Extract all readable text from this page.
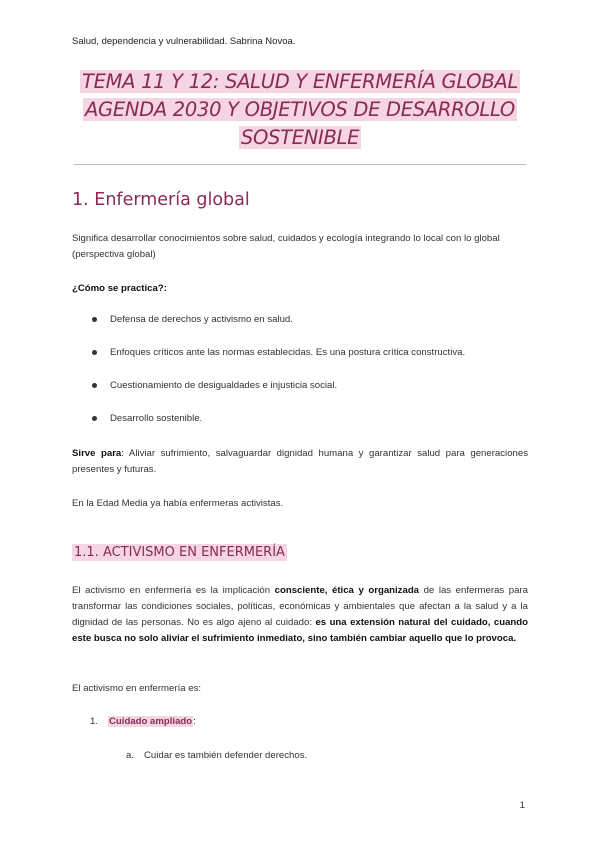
Salud, dependencia y vulnerabilidad. Sabrina Novoa.
TEMA 11 Y 12: SALUD Y ENFERMERÍA GLOBAL
AGENDA 2030 Y OBJETIVOS DE DESARROLLO
SOSTENIBLE
1. Enfermería global
Significa desarrollar conocimientos sobre salud, cuidados y ecología integrando lo local con lo global (perspectiva global)
¿Cómo se practica?:
Defensa de derechos y activismo en salud.
Enfoques críticos ante las normas establecidas. Es una postura crítica constructiva.
Cuestionamiento de desigualdades e injusticia social.
Desarrollo sostenible.
Sirve para: Aliviar sufrimiento, salvaguardar dignidad humana y garantizar salud para generaciones presentes y futuras.
En la Edad Media ya había enfermeras activistas.
1.1. ACTIVISMO EN ENFERMERÍA
El activismo en enfermería es la implicación consciente, ética y organizada de las enfermeras para transformar las condiciones sociales, políticas, económicas y ambientales que afectan a la salud y a la dignidad de las personas. No es algo ajeno al cuidado: es una extensión natural del cuidado, cuando este busca no solo aliviar el sufrimiento inmediato, sino también cambiar aquello que lo provoca.
El activismo en enfermería es:
1. Cuidado ampliado:
a. Cuidar es también defender derechos.
1
